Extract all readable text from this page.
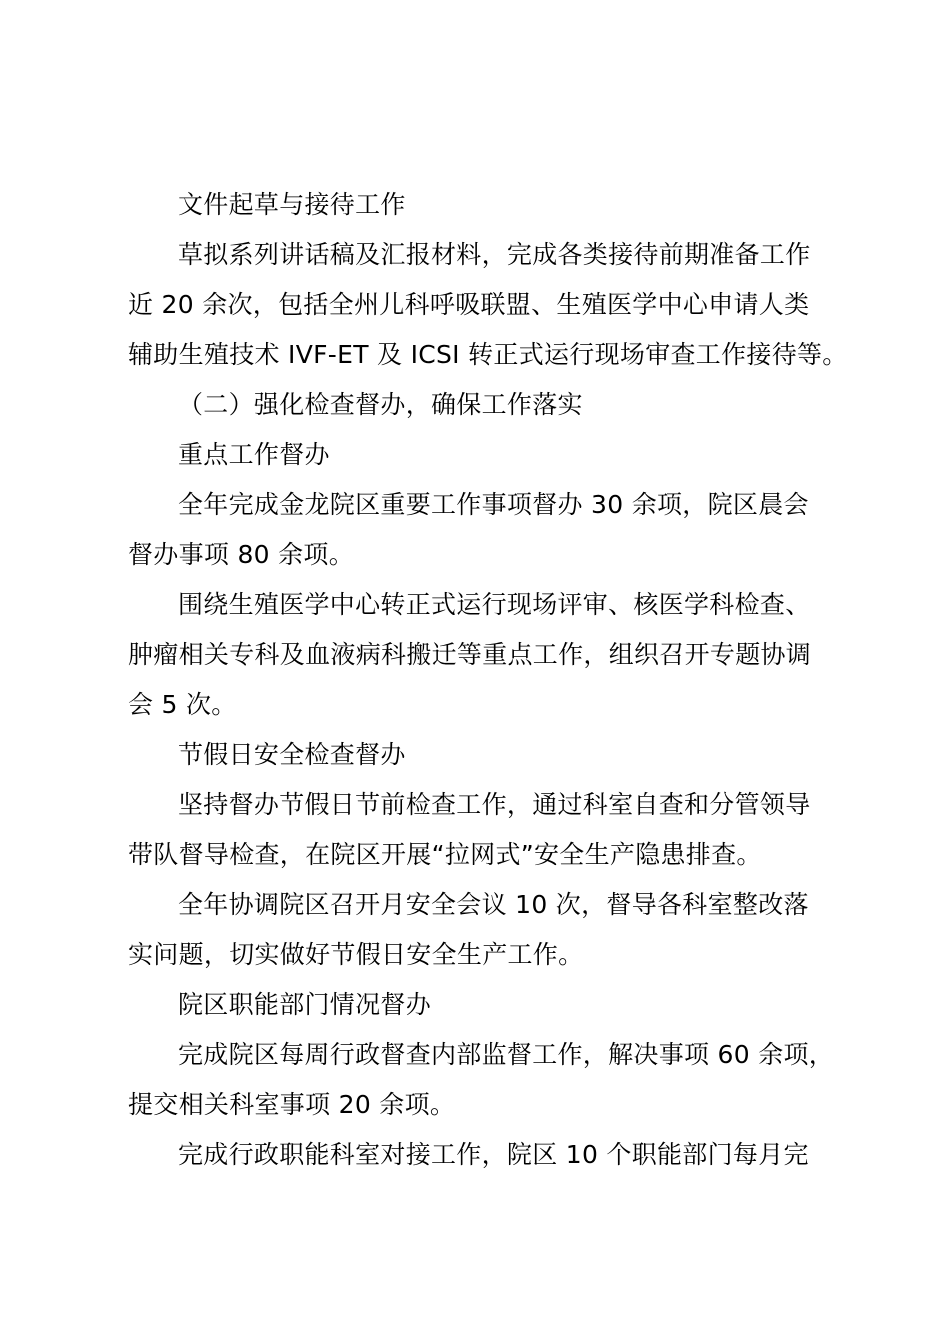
文件起草与接待工作
草拟系列讲话稿及汇报材料，完成各类接待前期准备工作
近 20 余次，包括全州儿科呼吸联盟、生殖医学中心申请人类
辅助生殖技术 IVF-ET 及 ICSI 转正式运行现场审查工作接待等。
（二）强化检查督办，确保工作落实
重点工作督办
全年完成金龙院区重要工作事项督办 30 余项，院区晨会
督办事项 80 余项。
围绕生殖医学中心转正式运行现场评审、核医学科检查、
肿瘤相关专科及血液病科搬迁等重点工作，组织召开专题协调
会 5 次。
节假日安全检查督办
坚持督办节假日节前检查工作，通过科室自查和分管领导
带队督导检查，在院区开展“拉网式”安全生产隐患排查。
全年协调院区召开月安全会议 10 次，督导各科室整改落
实问题，切实做好节假日安全生产工作。
院区职能部门情况督办
完成院区每周行政督查内部监督工作，解决事项 60 余项，
提交相关科室事项 20 余项。
完成行政职能科室对接工作，院区 10 个职能部门每月完
